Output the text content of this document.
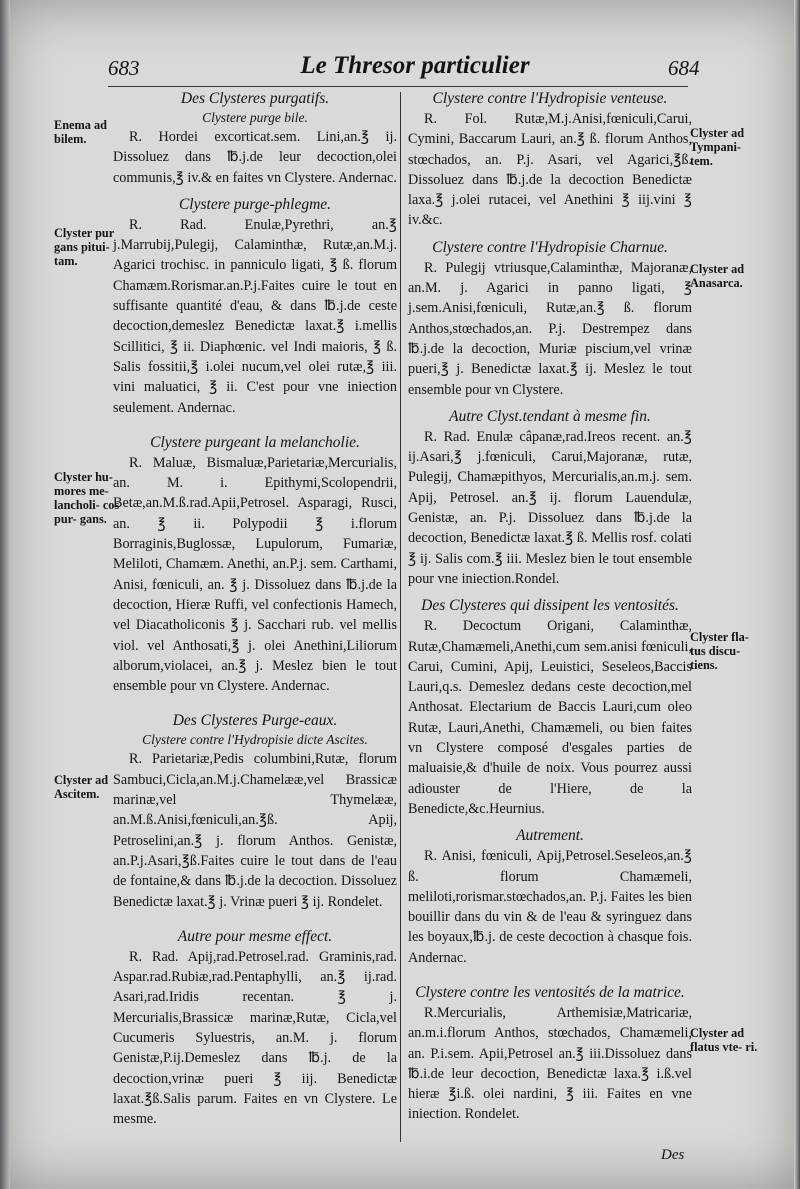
683	Le Thresor particulier	684
Des Clysteres purgatifs.
Clystere purge bile.

R. Hordei excorticat.sem. Lini,an.℥ ij. Dissoluez dans ℔.j.de leur decoction,olei communis,℥ iv.& en faites vn Clystere. Andernac.

Clystere purge-phlegme.

R. Rad. Enulæ,Pyrethri, an.℥ j.Marrubij,Pulegij, Calaminthæ, Rutæ,an.M.j. Agarici trochisc. in panniculo ligati, ℥ ß. florum Chamæm.Rorismar.an.P.j.Faites cuire le tout en suffisante quantité d'eau, & dans ℔.j.de ceste decoction,demeslez Benedictæ laxat.℥ i.mellis Scillitici, ℥ ii. Diaphœnic. vel Indi maioris, ℥ ß. Salis fossitii,℥ i.olei nucum,vel olei rutæ,℥ iii. vini maluatici, ℥ ii. C'est pour vne iniection seulement. Andernac.

Clystere purgeant la melancholie.

R. Maluæ, Bismaluæ,Parietariæ,Mercurialis, an. M. i. Epithymi,Scolopendrii, Betæ,an.M.ß.rad.Apii,Petrosel. Asparagi, Rusci, an. ℥ ii. Polypodii ℥ i.florum Borraginis,Buglossæ, Lupulorum, Fumariæ, Meliloti, Chamæm. Anethi, an.P.j. sem. Carthami, Anisi, fœniculi, an. ℥ j. Dissoluez dans ℔.j.de la decoction, Hieræ Ruffi, vel confectionis Hamech, vel Diacatholiconis ℥ j. Sacchari rub. vel mellis viol. vel Anthosati,℥ j. olei Anethini,Liliorum alborum,violacei, an.℥ j. Meslez bien le tout ensemble pour vn Clystere. Andernac.

Des Clysteres Purge-eaux.
Clystere contre l'Hydropisie dicte Ascites.

R. Parietariæ,Pedis columbini,Rutæ, florum Sambuci,Cicla,an.M.j.Chamelææ,vel Brassicæ marinæ,vel Thymelææ, an.M.ß.Anisi,fœniculi,an.℥ß. Apij, Petroselini,an.℥ j. florum Anthos. Genistæ, an.P.j.Asari,℥ß.Faites cuire le tout dans de l'eau de fontaine,& dans ℔.j.de la decoction. Dissoluez Benedictæ laxat.℥ j. Vrinæ pueri ℥ ij. Rondelet.

Autre pour mesme effect.

R. Rad. Apij,rad.Petrosel.rad. Graminis,rad. Aspar.rad.Rubiæ,rad.Pentaphylli, an.℥ ij.rad. Asari,rad.Iridis recentan. ℥ j. Mercurialis,Brassicæ marinæ,Rutæ, Cicla,vel Cucumeris Syluestris, an.M. j. florum Genistæ,P.ij.Demeslez dans ℔.j. de la decoction,vrinæ pueri ℥ iij. Benedictæ laxat.℥ß.Salis parum. Faites en vn Clystere. Le mesme.

Clystere contre l'Hydropisie venteuse.

R. Fol. Rutæ,M.j.Anisi,fœniculi,Carui, Cymini, Baccarum Lauri, an.℥ ß. florum Anthos, stœchados, an. P.j. Asari, vel Agarici,℥ß. Dissoluez dans ℔.j.de la decoction Benedictæ laxa.℥ j.olei rutacei, vel Anethini ℥ iij.vini ℥ iv.&c.

Clystere contre l'Hydropisie Charnue.

R. Pulegij vtriusque,Calaminthæ, Majoranæ, an.M. j. Agarici in panno ligati, ℥ j.sem.Anisi,fœniculi, Rutæ,an.℥ ß. florum Anthos,stœchados,an. P.j. Destrempez dans ℔.j.de la decoction, Muriæ piscium,vel vrinæ pueri,℥ j. Benedictæ laxat.℥ ij. Meslez le tout ensemble pour vn Clystere.

Autre Clyst.tendant à mesme fin.

R. Rad. Enulæ câpanæ,rad.Ireos recent. an.℥ ij.Asari,℥ j.fœniculi, Carui,Majoranæ, rutæ, Pulegij, Chamæpithyos, Mercurialis,an.m.j. sem. Apij, Petrosel. an.℥ ij. florum Lauendulæ, Genistæ, an. P.j. Dissoluez dans ℔.j.de la decoction, Benedictæ laxat.℥ ß. Mellis rosf. colati ℥ ij. Salis com.℥ iii. Meslez bien le tout ensemble pour vne iniection.Rondel.

Des Clysteres qui dissipent les ventosités.

R. Decoctum Origani, Calaminthæ, Rutæ,Chamæmeli,Anethi,cum sem.anisi fœniculi, Carui, Cumini, Apij, Leuistici, Seseleos,Baccis Lauri,q.s. Demeslez dedans ceste decoction,mel Anthosat. Electarium de Baccis Lauri,cum oleo Rutæ, Lauri,Anethi, Chamæmeli, ou bien faites vn Clystere composé d'esgales parties de maluaisie,& d'huile de noix. Vous pourrez aussi adiouster de l'Hiere, de la Benedicte,&c.Heurnius.

Autrement.

R. Anisi, fœniculi, Apij,Petrosel.Seseleos,an.℥ ß. florum Chamæmeli, meliloti,rorismar.stœchados,an. P.j. Faites les bien bouillir dans du vin & de l'eau & syringuez dans les boyaux,℔.j. de ceste decoction à chasque fois. Andernac.

Clystere contre les ventosités de la matrice.

R.Mercurialis, Arthemisiæ,Matricariæ, an.m.i.florum Anthos, stœchados, Chamæmeli, an. P.i.sem. Apii,Petrosel an.℥ iii.Dissoluez dans ℔.i.de leur decoction, Benedictæ laxa.℥ i.ß.vel hieræ ℥i.ß. olei nardini, ℥ iii. Faites en vne iniection. Rondelet.

Enema ad bilem.
Clyster pur gans pitui- tam.
Clyster hu- mores me- lancholi- cos pur- gans.
Clyster ad Ascitem.
Clyster ad Tympani- tem.
Clyster ad Anasarca.
Clyster fla- tus discu- tiens.
Clyster ad flatus vte- ri.
Des
